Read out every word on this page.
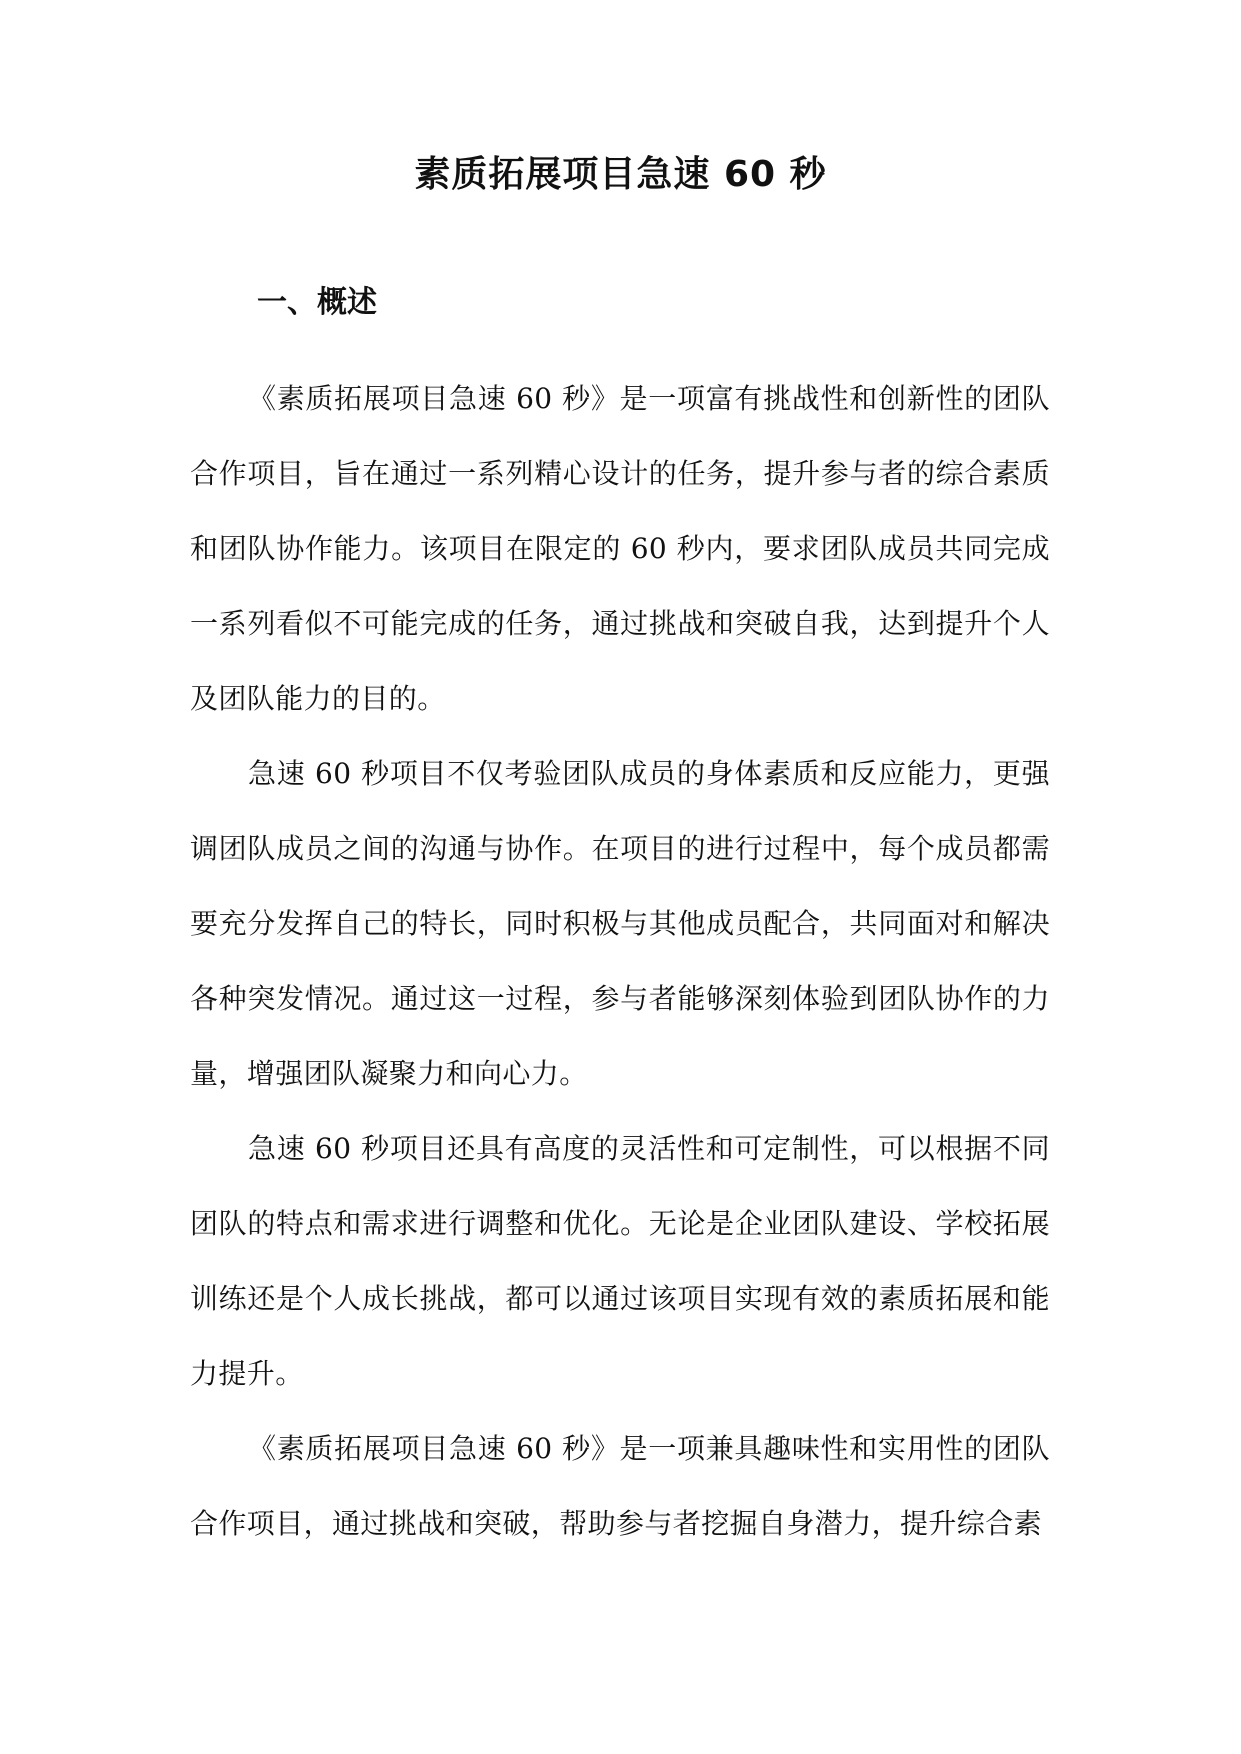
素质拓展项目急速 60 秒
一、概述

《素质拓展项目急速 60 秒》是一项富有挑战性和创新性的团队合作项目，旨在通过一系列精心设计的任务，提升参与者的综合素质和团队协作能力。该项目在限定的 60 秒内，要求团队成员共同完成一系列看似不可能完成的任务，通过挑战和突破自我，达到提升个人及团队能力的目的。

急速 60 秒项目不仅考验团队成员的身体素质和反应能力，更强调团队成员之间的沟通与协作。在项目的进行过程中，每个成员都需要充分发挥自己的特长，同时积极与其他成员配合，共同面对和解决各种突发情况。通过这一过程，参与者能够深刻体验到团队协作的力量，增强团队凝聚力和向心力。

急速 60 秒项目还具有高度的灵活性和可定制性，可以根据不同团队的特点和需求进行调整和优化。无论是企业团队建设、学校拓展训练还是个人成长挑战，都可以通过该项目实现有效的素质拓展和能力提升。

《素质拓展项目急速 60 秒》是一项兼具趣味性和实用性的团队合作项目，通过挑战和突破，帮助参与者挖掘自身潜力，提升综合素
